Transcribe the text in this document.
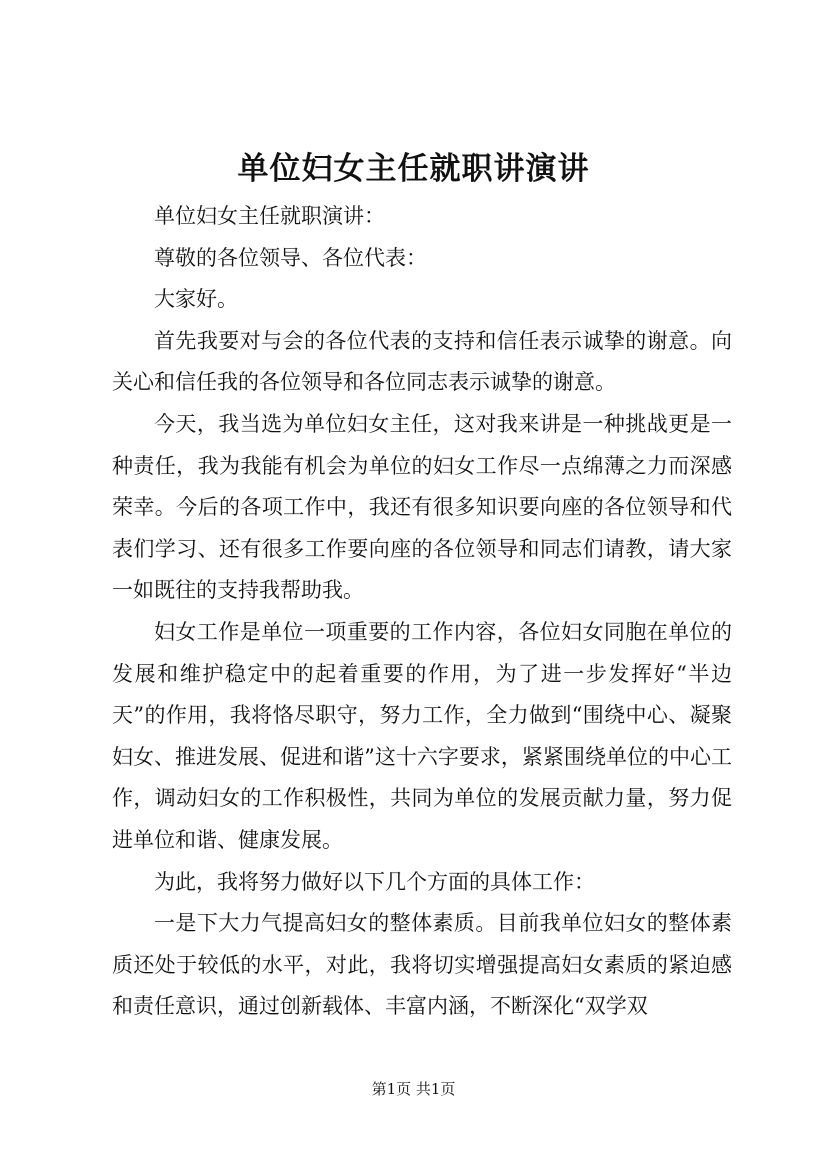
单位妇女主任就职讲演讲

单位妇女主任就职演讲：

尊敬的各位领导、各位代表：

大家好。

首先我要对与会的各位代表的支持和信任表示诚挚的谢意。向关心和信任我的各位领导和各位同志表示诚挚的谢意。

今天，我当选为单位妇女主任，这对我来讲是一种挑战更是一种责任，我为我能有机会为单位的妇女工作尽一点绵薄之力而深感荣幸。今后的各项工作中，我还有很多知识要向座的各位领导和代表们学习、还有很多工作要向座的各位领导和同志们请教，请大家一如既往的支持我帮助我。

妇女工作是单位一项重要的工作内容，各位妇女同胞在单位的发展和维护稳定中的起着重要的作用，为了进一步发挥好“半边天”的作用，我将恪尽职守，努力工作，全力做到“围绕中心、凝聚妇女、推进发展、促进和谐”这十六字要求，紧紧围绕单位的中心工作，调动妇女的工作积极性，共同为单位的发展贡献力量，努力促进单位和谐、健康发展。

为此，我将努力做好以下几个方面的具体工作：

一是下大力气提高妇女的整体素质。目前我单位妇女的整体素质还处于较低的水平，对此，我将切实增强提高妇女素质的紧迫感和责任意识，通过创新载体、丰富内涵，不断深化“双学双

第1页 共1页
